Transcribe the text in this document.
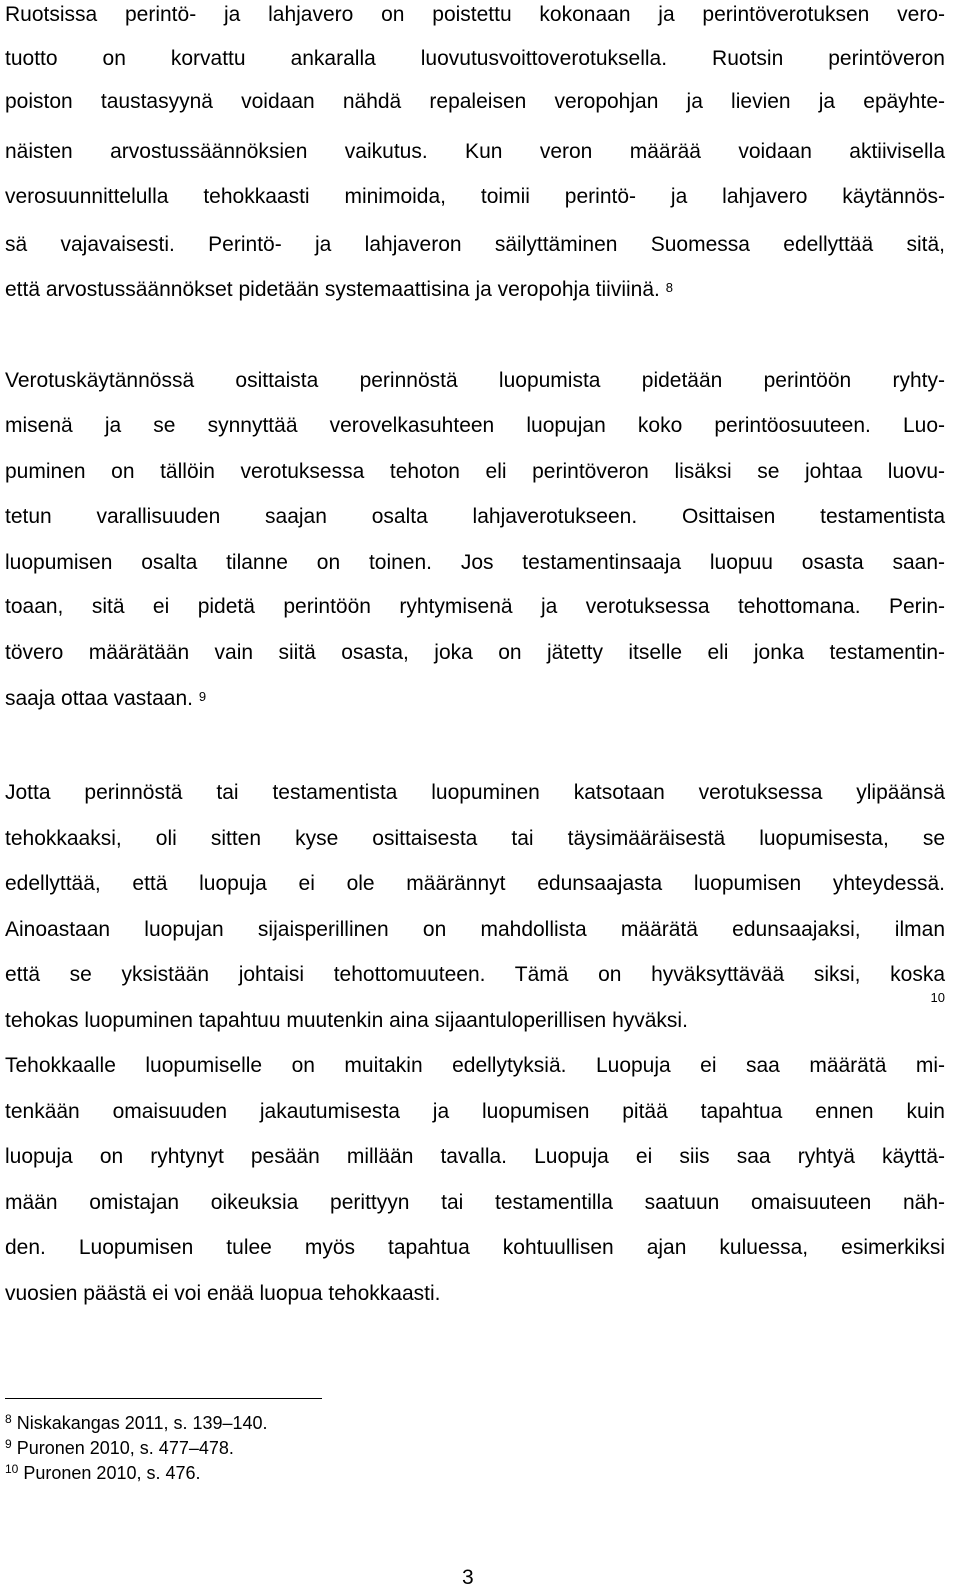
Ruotsissa perintö- ja lahjavero on poistettu kokonaan ja perintöverotuksen vero-
tuotto on korvattu ankaralla luovutusvoittoverotuksella. Ruotsin perintöveron
poiston taustasyynä voidaan nähdä repaleisen veropohjan ja lievien ja epäyhte-
näisten arvostussäännöksien vaikutus. Kun veron määrää voidaan aktiivisella
verosuunnittelulla tehokkaasti minimoida, toimii perintö- ja lahjavero käytännös-
sä vajavaisesti. Perintö- ja lahjaveron säilyttäminen Suomessa edellyttää sitä,
että arvostussäännökset pidetään systemaattisina ja veropohja tiiviinä. $^8$
Verotuskäytännössä osittaista perinnöstä luopumista pidetään perintöön ryhty-
misenä ja se synnyttää verovelkasuhteen luopujan koko perintöosuuteen. Luo-
puminen on tällöin verotuksessa tehoton eli perintöveron lisäksi se johtaa luovu-
tetun varallisuuden saajan osalta lahjaverotukseen. Osittaisen testamentista
luopumisen osalta tilanne on toinen. Jos testamentinsaaja luopuu osasta saan-
toaan, sitä ei pidetä perintöön ryhtymisenä ja verotuksessa tehottomana. Perin-
tövero määrätään vain siitä osasta, joka on jätetty itselle eli jonka testamentin-
saaja ottaa vastaan. $^9$
Jotta perinnöstä tai testamentista luopuminen katsotaan verotuksessa ylipäänsä
tehokkaaksi, oli sitten kyse osittaisesta tai täysimääräisestä luopumisesta, se
edellyttää, että luopuja ei ole määrännyt edunsaajasta luopumisen yhteydessä.
Ainoastaan luopujan sijaisperillinen on mahdollista määrätä edunsaajaksi, ilman
että se yksistään johtaisi tehottomuuteen. Tämä on hyväksyttävää siksi, koska
tehokas luopuminen tapahtuu muutenkin aina sijaantuloperillisen hyväksi.
$^{10}$
Tehokkaalle luopumiselle on muitakin edellytyksiä. Luopuja ei saa määrätä mi-
tenkään omaisuuden jakautumisesta ja luopumisen pitää tapahtua ennen kuin
luopuja on ryhtynyt pesään millään tavalla. Luopuja ei siis saa ryhtyä käyttä-
mään omistajan oikeuksia perittyyn tai testamentilla saatuun omaisuuteen näh-
den. Luopumisen tulee myös tapahtua kohtuullisen ajan kuluessa, esimerkiksi
vuosien päästä ei voi enää luopua tehokkaasti.
$^8$ Niskakangas 2011, s. 139–140.
$^9$ Puronen 2010, s. 477–478.
$^{10}$ Puronen 2010, s. 476.
3
